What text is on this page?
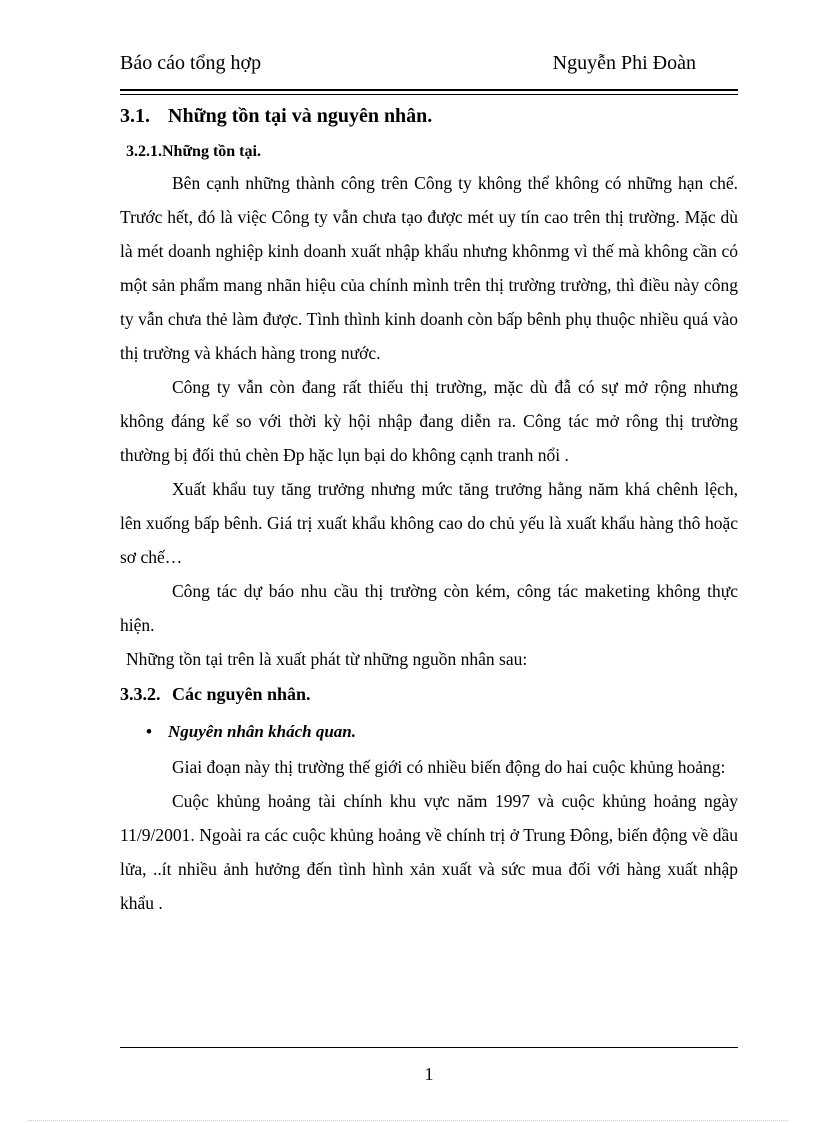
Báo cáo tổng hợp	Nguyễn Phi Đoàn
3.1. Những tồn tại và nguyên nhân.
3.2.1.Những tồn tại.

Bên cạnh những thành công trên Công ty không thể không có những hạn chế. Trước hết, đó là việc Công ty vẫn chưa tạo được mét uy tín cao trên thị trường. Mặc dù là mét doanh nghiệp kinh doanh xuất nhập khẩu nhưng khônmg vì thế mà không cần có một sản phẩm mang nhãn hiệu của chính mình trên thị trường trường, thì điều này công ty vẫn chưa thẻ làm được. Tình thình kinh doanh còn bấp bênh phụ thuộc nhiều quá vào thị trường và khách hàng trong nước.

Công ty vẫn còn đang rất thiếu thị trường, mặc dù đẫ có sự mở rộng nhưng không đáng kể so với thời kỳ hội nhập đang diễn ra. Công tác mở rông thị trường thường bị đối thủ chèn Đp hặc lụn bại do không cạnh tranh nổi .

Xuất khẩu tuy tăng trưởng nhưng mức tăng trưởng hằng năm khá chênh lệch, lên xuống bấp bênh. Giá trị xuất khẩu không cao do chủ yếu là xuất khẩu hàng thô hoặc sơ chế…

Công tác dự báo nhu cầu thị trường còn kém, công tác maketing không thực hiện.

Những tồn tại trên là xuất phát từ những nguồn nhân sau:

3.3.2. Các nguyên nhân.
• Nguyên nhân khách quan.

Giai đoạn này thị trường thế giới có nhiều biến động do hai cuộc khủng hoảng:

Cuộc khủng hoảng tài chính khu vực năm 1997 và cuộc khủng hoảng ngày 11/9/2001. Ngoài ra các cuộc khủng hoảng về chính trị ở Trung Đông, biến động về dầu lửa, ..ít nhiều ảnh hưởng đến tình hình xản xuất và sức mua đối với hàng xuất nhập khẩu .

1
